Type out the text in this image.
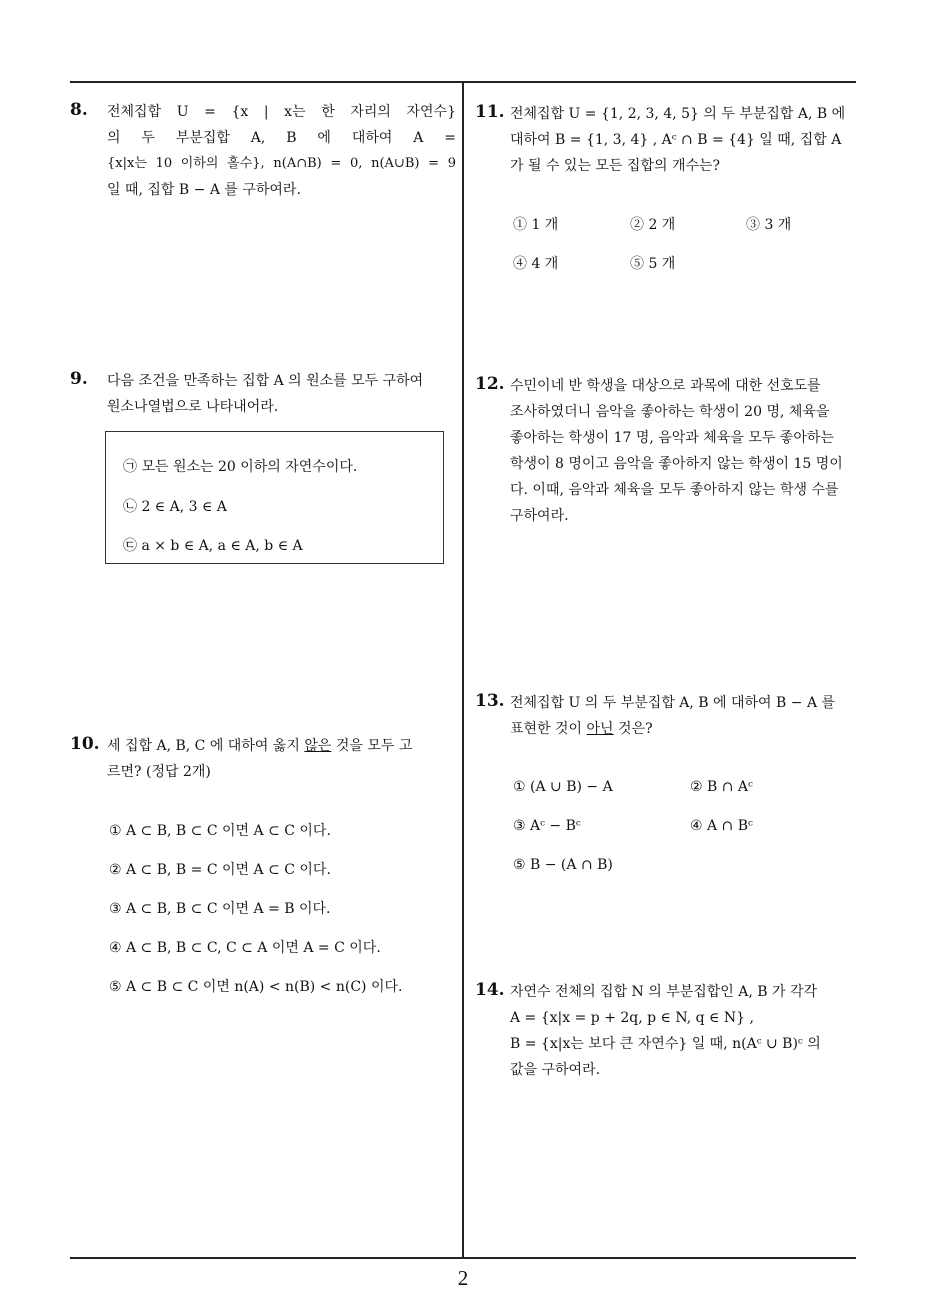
8. 전체집합 U = {x | x는 한 자리의 자연수}
의 두 부분집합 A, B 에 대하여 A =
{x|x는 10 이하의 홀수}, n(A∩B) = 0, n(A∪B) = 9
일 때, 집합 B − A 를 구하여라.
9. 다음 조건을 만족하는 집합 A 의 원소를 모두 구하여
원소나열법으로 나타내어라.
㉠ 모든 원소는 20 이하의 자연수이다.
㉡ 2 ∈ A, 3 ∈ A
㉢ a × b ∈ A, a ∈ A, b ∈ A
10. 세 집합 A, B, C 에 대하여 옳지 않은 것을 모두 고
르면? (정답 2개)
① A ⊂ B, B ⊂ C 이면 A ⊂ C 이다.
② A ⊂ B, B = C 이면 A ⊂ C 이다.
③ A ⊂ B, B ⊂ C 이면 A = B 이다.
④ A ⊂ B, B ⊂ C, C ⊂ A 이면 A = C 이다.
⑤ A ⊂ B ⊂ C 이면 n(A) < n(B) < n(C) 이다.
11. 전체집합 U = {1, 2, 3, 4, 5} 의 두 부분집합 A, B 에
대하여 B = {1, 3, 4} , Aᶜ ∩ B = {4} 일 때, 집합 A
가 될 수 있는 모든 집합의 개수는?
① 1 개	② 2 개	③ 3 개
④ 4 개	⑤ 5 개
12. 수민이네 반 학생을 대상으로 과목에 대한 선호도를
조사하였더니 음악을 좋아하는 학생이 20 명, 체육을
좋아하는 학생이 17 명, 음악과 체육을 모두 좋아하는
학생이 8 명이고 음악을 좋아하지 않는 학생이 15 명이
다. 이때, 음악과 체육을 모두 좋아하지 않는 학생 수를
구하여라.
13. 전체집합 U 의 두 부분집합 A, B 에 대하여 B − A 를
표현한 것이 아닌 것은?
① (A ∪ B) − A	② B ∩ Aᶜ
③ Aᶜ − Bᶜ	④ A ∩ Bᶜ
⑤ B − (A ∩ B)
14. 자연수 전체의 집합 N 의 부분집합인 A, B 가 각각
A = {x|x = p + 2q, p ∈ N, q ∈ N} ,
B = {x|x는 보다 큰 자연수} 일 때, n(Aᶜ ∪ B)ᶜ 의
값을 구하여라.
2
